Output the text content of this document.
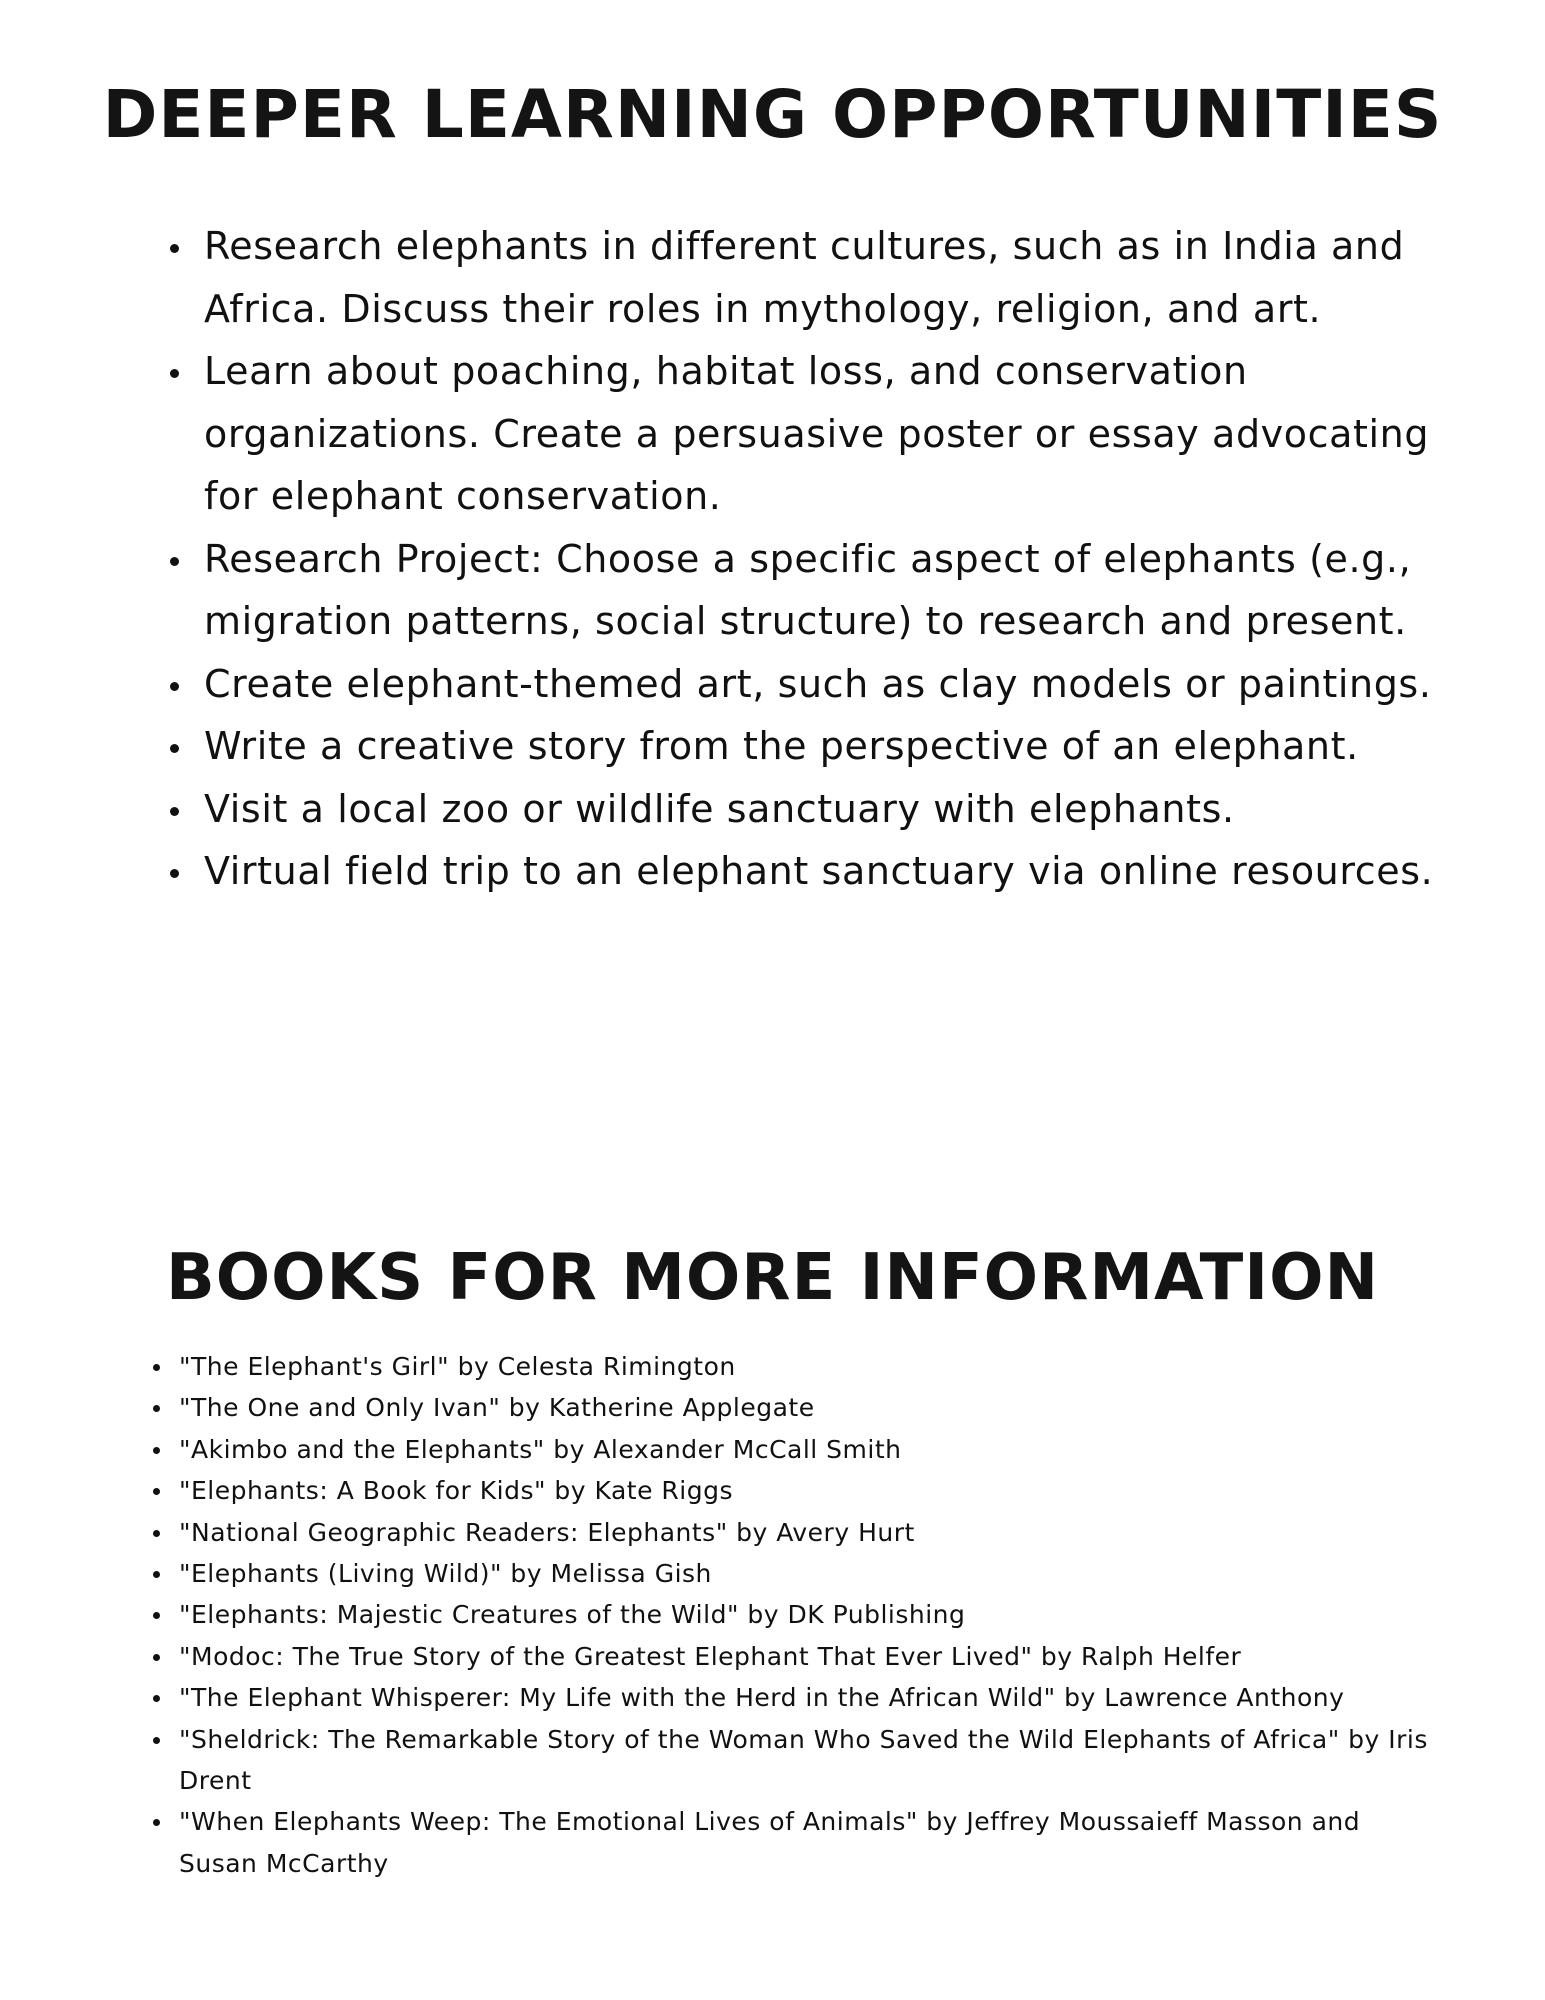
DEEPER LEARNING OPPORTUNITIES
Research elephants in different cultures, such as in India and Africa. Discuss their roles in mythology, religion, and art.
Learn about poaching, habitat loss, and conservation organizations. Create a persuasive poster or essay advocating for elephant conservation.
Research Project: Choose a specific aspect of elephants (e.g., migration patterns, social structure) to research and present.
Create elephant-themed art, such as clay models or paintings.
Write a creative story from the perspective of an elephant.
Visit a local zoo or wildlife sanctuary with elephants.
Virtual field trip to an elephant sanctuary via online resources.
BOOKS FOR MORE INFORMATION
"The Elephant's Girl" by Celesta Rimington
"The One and Only Ivan" by Katherine Applegate
"Akimbo and the Elephants" by Alexander McCall Smith
"Elephants: A Book for Kids" by Kate Riggs
"National Geographic Readers: Elephants" by Avery Hurt
"Elephants (Living Wild)" by Melissa Gish
"Elephants: Majestic Creatures of the Wild" by DK Publishing
"Modoc: The True Story of the Greatest Elephant That Ever Lived" by Ralph Helfer
"The Elephant Whisperer: My Life with the Herd in the African Wild" by Lawrence Anthony
"Sheldrick: The Remarkable Story of the Woman Who Saved the Wild Elephants of Africa" by Iris Drent
"When Elephants Weep: The Emotional Lives of Animals" by Jeffrey Moussaieff Masson and Susan McCarthy
